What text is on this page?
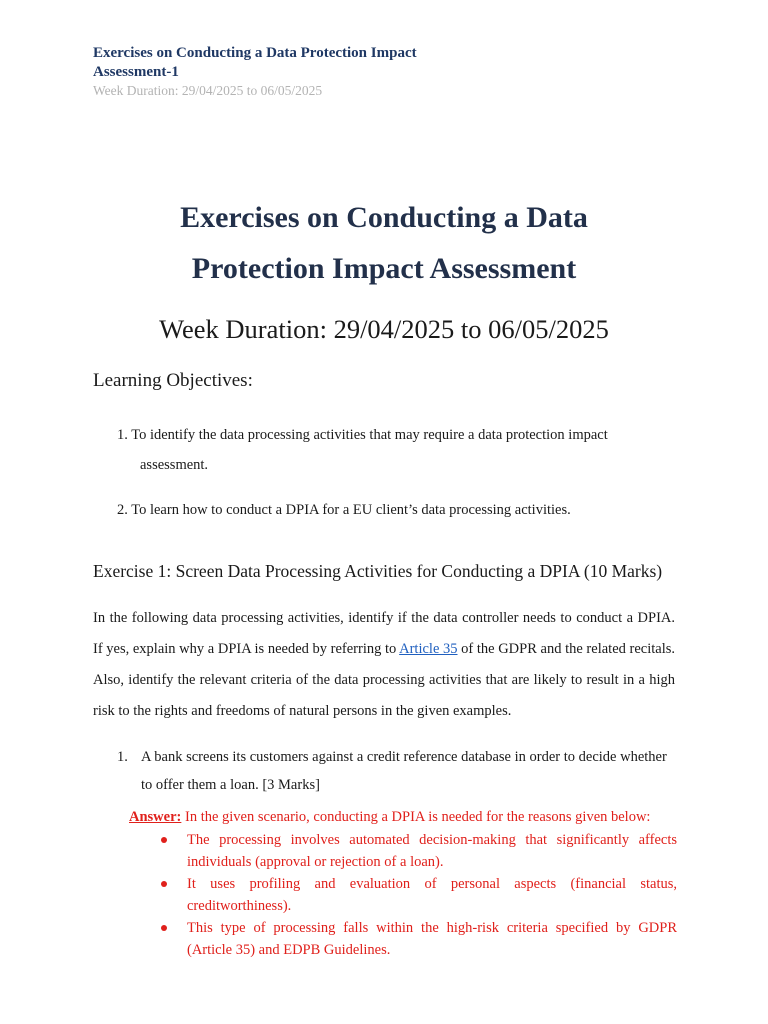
Exercises on Conducting a Data Protection Impact
Assessment-1
Week Duration: 29/04/2025 to 06/05/2025
Exercises on Conducting a Data
Protection Impact Assessment
Week Duration: 29/04/2025 to 06/05/2025
Learning Objectives:
1. To identify the data processing activities that may require a data protection impact
assessment.
2. To learn how to conduct a DPIA for a EU client’s data processing activities.
Exercise 1: Screen Data Processing Activities for Conducting a DPIA (10 Marks)
In the following data processing activities, identify if the data controller needs to conduct a DPIA. If yes, explain why a DPIA is needed by referring to Article 35 of the GDPR and the related recitals. Also, identify the relevant criteria of the data processing activities that are likely to result in a high risk to the rights and freedoms of natural persons in the given examples.
1. A bank screens its customers against a credit reference database in order to decide whether to offer them a loan. [3 Marks]
Answer: In the given scenario, conducting a DPIA is needed for the reasons given below:
The processing involves automated decision-making that significantly affects individuals (approval or rejection of a loan).
It uses profiling and evaluation of personal aspects (financial status, creditworthiness).
This type of processing falls within the high-risk criteria specified by GDPR (Article 35) and EDPB Guidelines.
